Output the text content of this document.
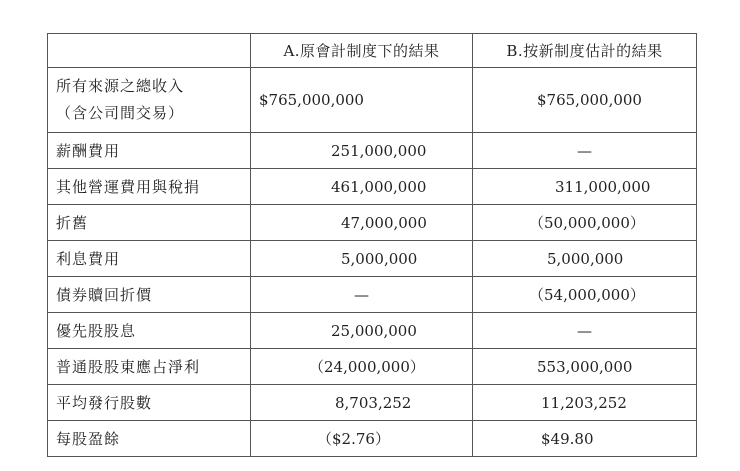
	A.原會計制度下的結果	B.按新制度估計的結果

所有來源之總收入
（含公司間交易）	$765,000,000	$765,000,000
薪酬費用	251,000,000	—
其他營運費用與稅捐	461,000,000	311,000,000
折舊	47,000,000	（50,000,000）
利息費用	5,000,000	5,000,000
債券贖回折價	—	（54,000,000）
優先股股息	25,000,000	—
普通股股東應占淨利	（24,000,000）	553,000,000
平均發行股數	8,703,252	11,203,252
每股盈餘	（$2.76）	$49.80
